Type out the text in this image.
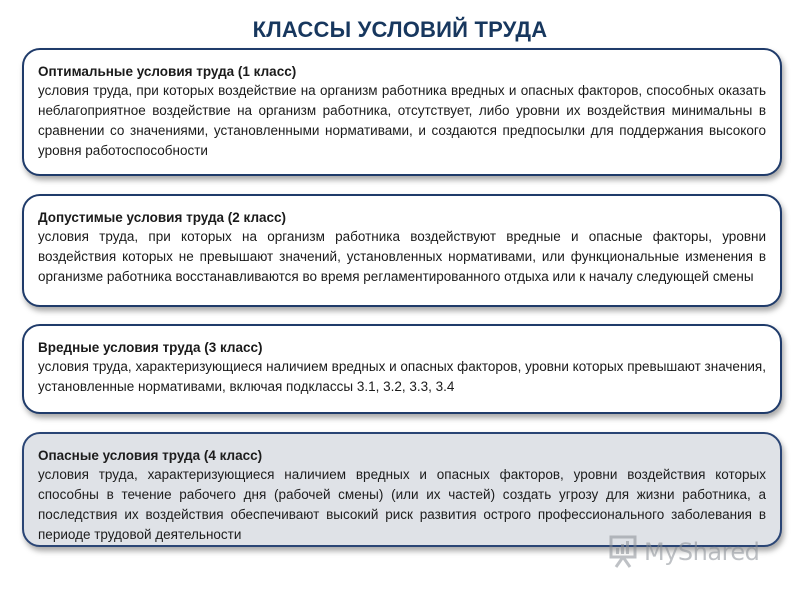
КЛАССЫ УСЛОВИЙ ТРУДА
Оптимальные условия труда (1 класс)
условия труда, при которых воздействие на организм работника вредных и опасных факторов, способных оказать неблагоприятное воздействие на организм работника, отсутствует, либо уровни их воздействия минимальны в сравнении со значениями, установленными нормативами, и создаются предпосылки для поддержания высокого уровня работоспособности
Допустимые условия труда (2 класс)
условия труда, при которых на организм работника воздействуют вредные и опасные факторы, уровни воздействия которых не превышают значений, установленных нормативами, или функциональные изменения в организме работника восстанавливаются во время регламентированного отдыха или к началу следующей смены
Вредные условия труда (3 класс)
условия труда, характеризующиеся наличием вредных и опасных факторов, уровни которых превышают значения, установленные нормативами, включая подклассы 3.1, 3.2, 3.3, 3.4
Опасные условия труда (4 класс)
условия труда, характеризующиеся наличием вредных и опасных факторов, уровни воздействия которых способны в течение рабочего дня (рабочей смены) (или их частей) создать угрозу для жизни работника, а последствия их воздействия обеспечивают высокий риск развития острого профессионального заболевания в периоде трудовой деятельности
MyShared
